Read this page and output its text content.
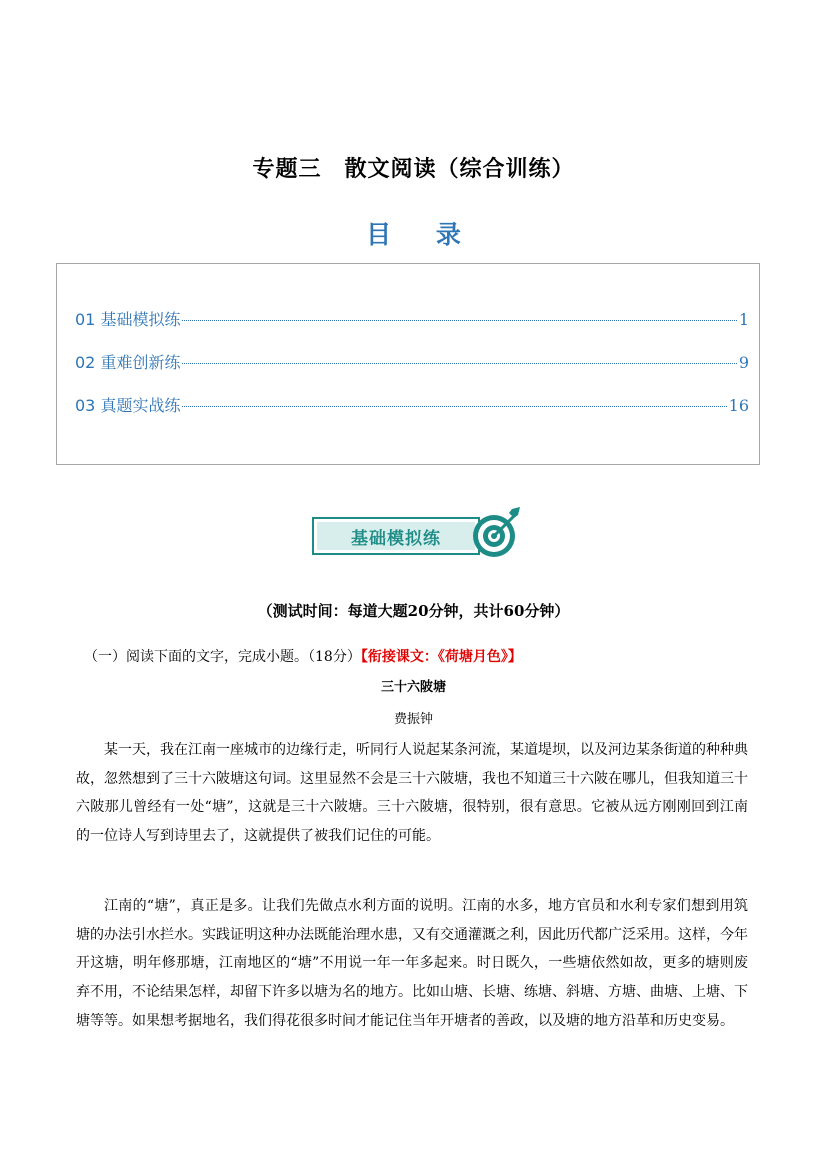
专题三　散文阅读（综合训练）
目 录
01 基础模拟练	1
02 重难创新练	9
03 真题实战练	16
基础模拟练
（测试时间：每道大题20分钟，共计60分钟）
（一）阅读下面的文字，完成小题。（18分）【衔接课文：《荷塘月色》】
三十六陂塘
费振钟

某一天，我在江南一座城市的边缘行走，听同行人说起某条河流，某道堤坝，以及河边某条街道的种种典故，忽然想到了三十六陂塘这句词。这里显然不会是三十六陂塘，我也不知道三十六陂在哪儿，但我知道三十六陂那儿曾经有一处“塘”，这就是三十六陂塘。三十六陂塘，很特别，很有意思。它被从远方刚刚回到江南的一位诗人写到诗里去了，这就提供了被我们记住的可能。

江南的“塘”，真正是多。让我们先做点水利方面的说明。江南的水多，地方官员和水利专家们想到用筑塘的办法引水拦水。实践证明这种办法既能治理水患，又有交通灌溉之利，因此历代都广泛采用。这样，今年开这塘，明年修那塘，江南地区的“塘”不用说一年一年多起来。时日既久，一些塘依然如故，更多的塘则废弃不用，不论结果怎样，却留下许多以塘为名的地方。比如山塘、长塘、练塘、斜塘、方塘、曲塘、上塘、下塘等等。如果想考据地名，我们得花很多时间才能记住当年开塘者的善政，以及塘的地方沿革和历史变易。
